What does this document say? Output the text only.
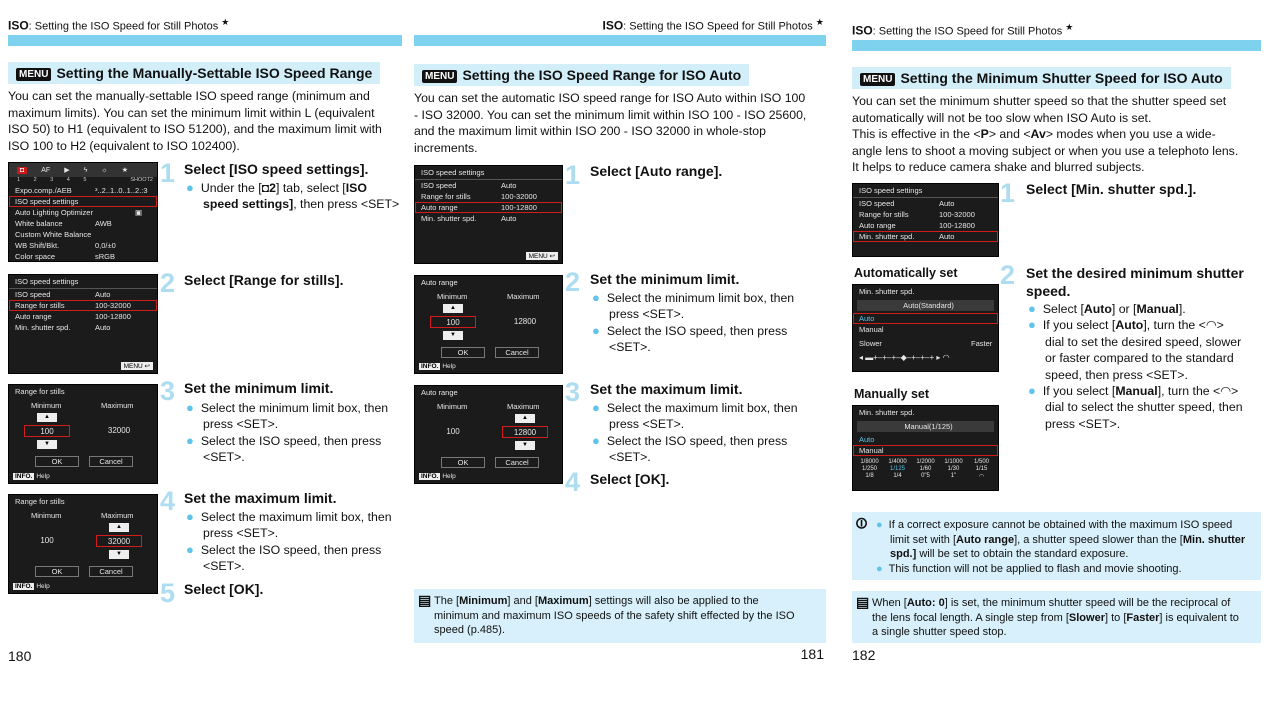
ISO: Setting the ISO Speed for Still Photos ★
MENU Setting the Manually-Settable ISO Speed Range
You can set the manually-settable ISO speed range (minimum and
maximum limits). You can set the minimum limit within L (equivalent
ISO 50) to H1 (equivalent to ISO 51200), and the maximum limit with
ISO 100 to H2 (equivalent to ISO 102400).
◘	AF ▶ ϟ ☼ ★
1 2 3 4 5	SHOOT2
Expo.comp./AEB	³..2..1..0..1..2.:3
ISO speed settings
Auto Lighting Optimizer	▣
White balance	AWB
Custom White Balance
WB Shift/Bkt.	0,0/±0
Color space	sRGB
1 Select [ISO speed settings].
● Under the [◘2] tab, select [ISO
speed settings], then press <SET>
ISO speed settings
ISO speed	Auto
Range for stills	100-32000
Auto range	100-12800
Min. shutter spd.	Auto
MENU ↩
2 Select [Range for stills].
Range for stills
Minimum	Maximum
▲
100
▼
32000
OK	Cancel
INFO. Help
3 Set the minimum limit.
● Select the minimum limit box, then
press <SET>.
● Select the ISO speed, then press
<SET>.
Range for stills
Minimum	Maximum
▲
100	32000
▼
OK	Cancel
INFO. Help
4 Set the maximum limit.
● Select the maximum limit box, then
press <SET>.
● Select the ISO speed, then press
<SET>.
5 Select [OK].
180
ISO: Setting the ISO Speed for Still Photos ★
MENU Setting the ISO Speed Range for ISO Auto
You can set the automatic ISO speed range for ISO Auto within ISO 100
- ISO 32000. You can set the minimum limit within ISO 100 - ISO 25600,
and the maximum limit within ISO 200 - ISO 32000 in whole-stop
increments.
ISO speed settings
ISO speed	Auto
Range for stills	100-32000
Auto range	100-12800
Min. shutter spd.	Auto
MENU ↩
1 Select [Auto range].
Auto range
Minimum	Maximum
▲
100
▼
12800
OK	Cancel
INFO. Help
2 Set the minimum limit.
● Select the minimum limit box, then
press <SET>.
● Select the ISO speed, then press
<SET>.
Auto range
Minimum	Maximum
▲
100	12800
▼
OK	Cancel
INFO. Help
3 Set the maximum limit.
● Select the maximum limit box, then
press <SET>.
● Select the ISO speed, then press
<SET>.
4 Select [OK].
▤ The [Minimum] and [Maximum] settings will also be applied to the
minimum and maximum ISO speeds of the safety shift effected by the ISO
speed (p.485).
181
ISO: Setting the ISO Speed for Still Photos ★
MENU Setting the Minimum Shutter Speed for ISO Auto
You can set the minimum shutter speed so that the shutter speed set
automatically will not be too slow when ISO Auto is set.
This is effective in the <P> and <Av> modes when you use a wide-
angle lens to shoot a moving subject or when you use a telephoto lens.
It helps to reduce camera shake and blurred subjects.
ISO speed settings
ISO speed	Auto
Range for stills	100-32000
Auto range	100-12800
Min. shutter spd.	Auto
1 Select [Min. shutter spd.].
Automatically set
Min. shutter spd.
Auto(Standard)
Auto
Manual
Slower	Faster
◂ ▬+–+–+–◆–+–+–+ ▸ ◠
Manually set
Min. shutter spd.
Manual(1/125)
Auto
Manual
1/8000	1/4000	1/2000	1/1000	1/500
1/250	1/125	1/60	1/30	1/15
1/8	1/4	0"5	1"	◠
2 Set the desired minimum shutter
speed.
● Select [Auto] or [Manual].
● If you select [Auto], turn the <◠>
dial to set the desired speed, slower
or faster compared to the standard
speed, then press <SET>.
● If you select [Manual], turn the <◠>
dial to select the shutter speed, then
press <SET>.
⏼ ● If a correct exposure cannot be obtained with the maximum ISO speed
limit set with [Auto range], a shutter speed slower than the [Min. shutter
spd.] will be set to obtain the standard exposure.
● This function will not be applied to flash and movie shooting.
▤ When [Auto: 0] is set, the minimum shutter speed will be the reciprocal of
the lens focal length. A single step from [Slower] to [Faster] is equivalent to
a single shutter speed stop.
182
